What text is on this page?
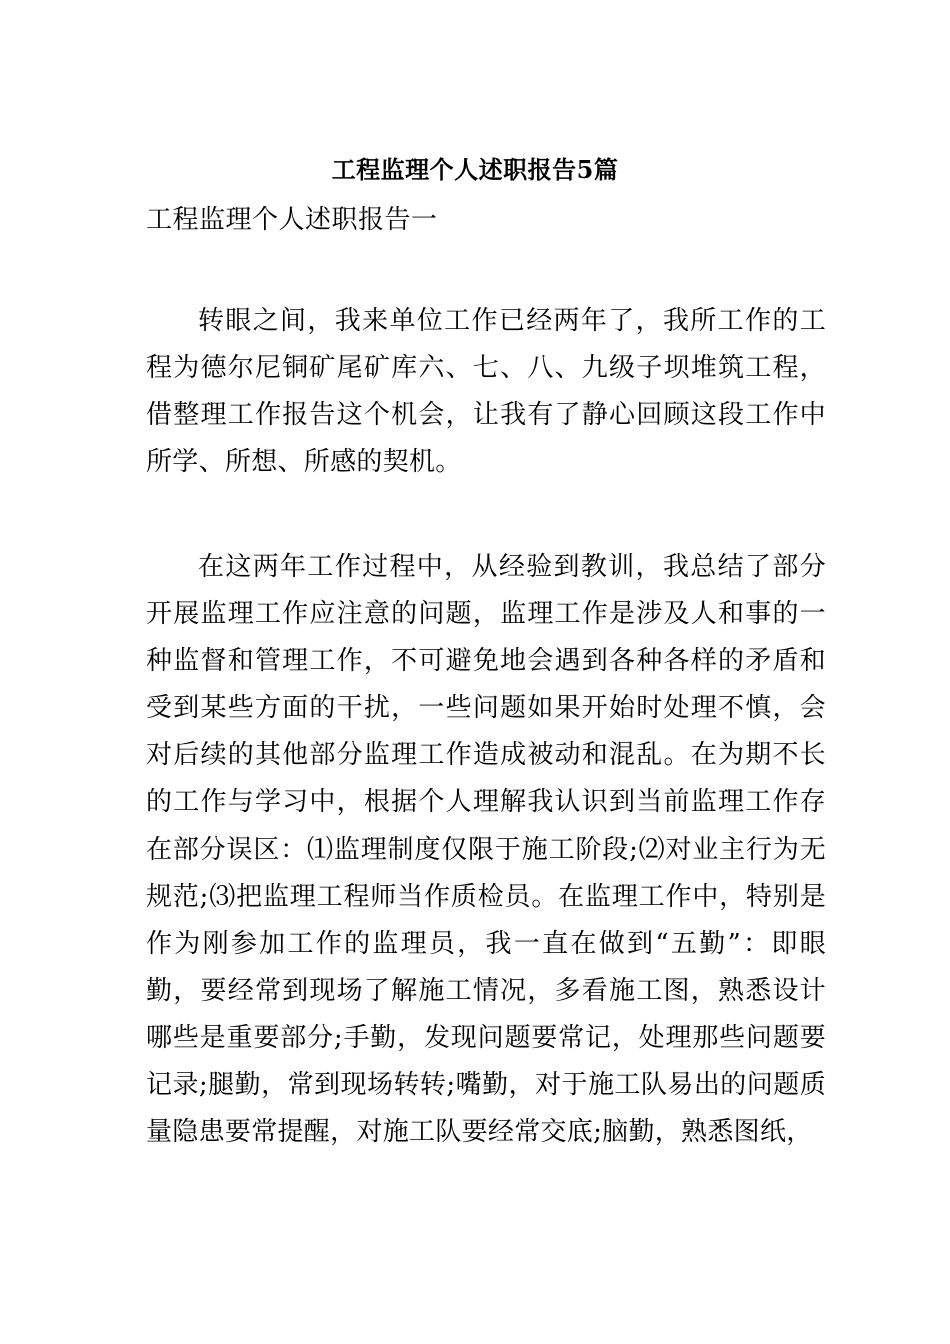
工程监理个人述职报告5篇
工程监理个人述职报告一

转眼之间，我来单位工作已经两年了，我所工作的工程为德尔尼铜矿尾矿库六、七、八、九级子坝堆筑工程，借整理工作报告这个机会，让我有了静心回顾这段工作中所学、所想、所感的契机。

在这两年工作过程中，从经验到教训，我总结了部分开展监理工作应注意的问题，监理工作是涉及人和事的一种监督和管理工作，不可避免地会遇到各种各样的矛盾和受到某些方面的干扰，一些问题如果开始时处理不慎，会对后续的其他部分监理工作造成被动和混乱。在为期不长的工作与学习中，根据个人理解我认识到当前监理工作存在部分误区：⑴监理制度仅限于施工阶段;⑵对业主行为无规范;⑶把监理工程师当作质检员。在监理工作中，特别是作为刚参加工作的监理员，我一直在做到“五勤”：即眼勤，要经常到现场了解施工情况，多看施工图，熟悉设计哪些是重要部分;手勤，发现问题要常记，处理那些问题要记录;腿勤，常到现场转转;嘴勤，对于施工队易出的问题质量隐患要常提醒，对施工队要经常交底;脑勤，熟悉图纸，
